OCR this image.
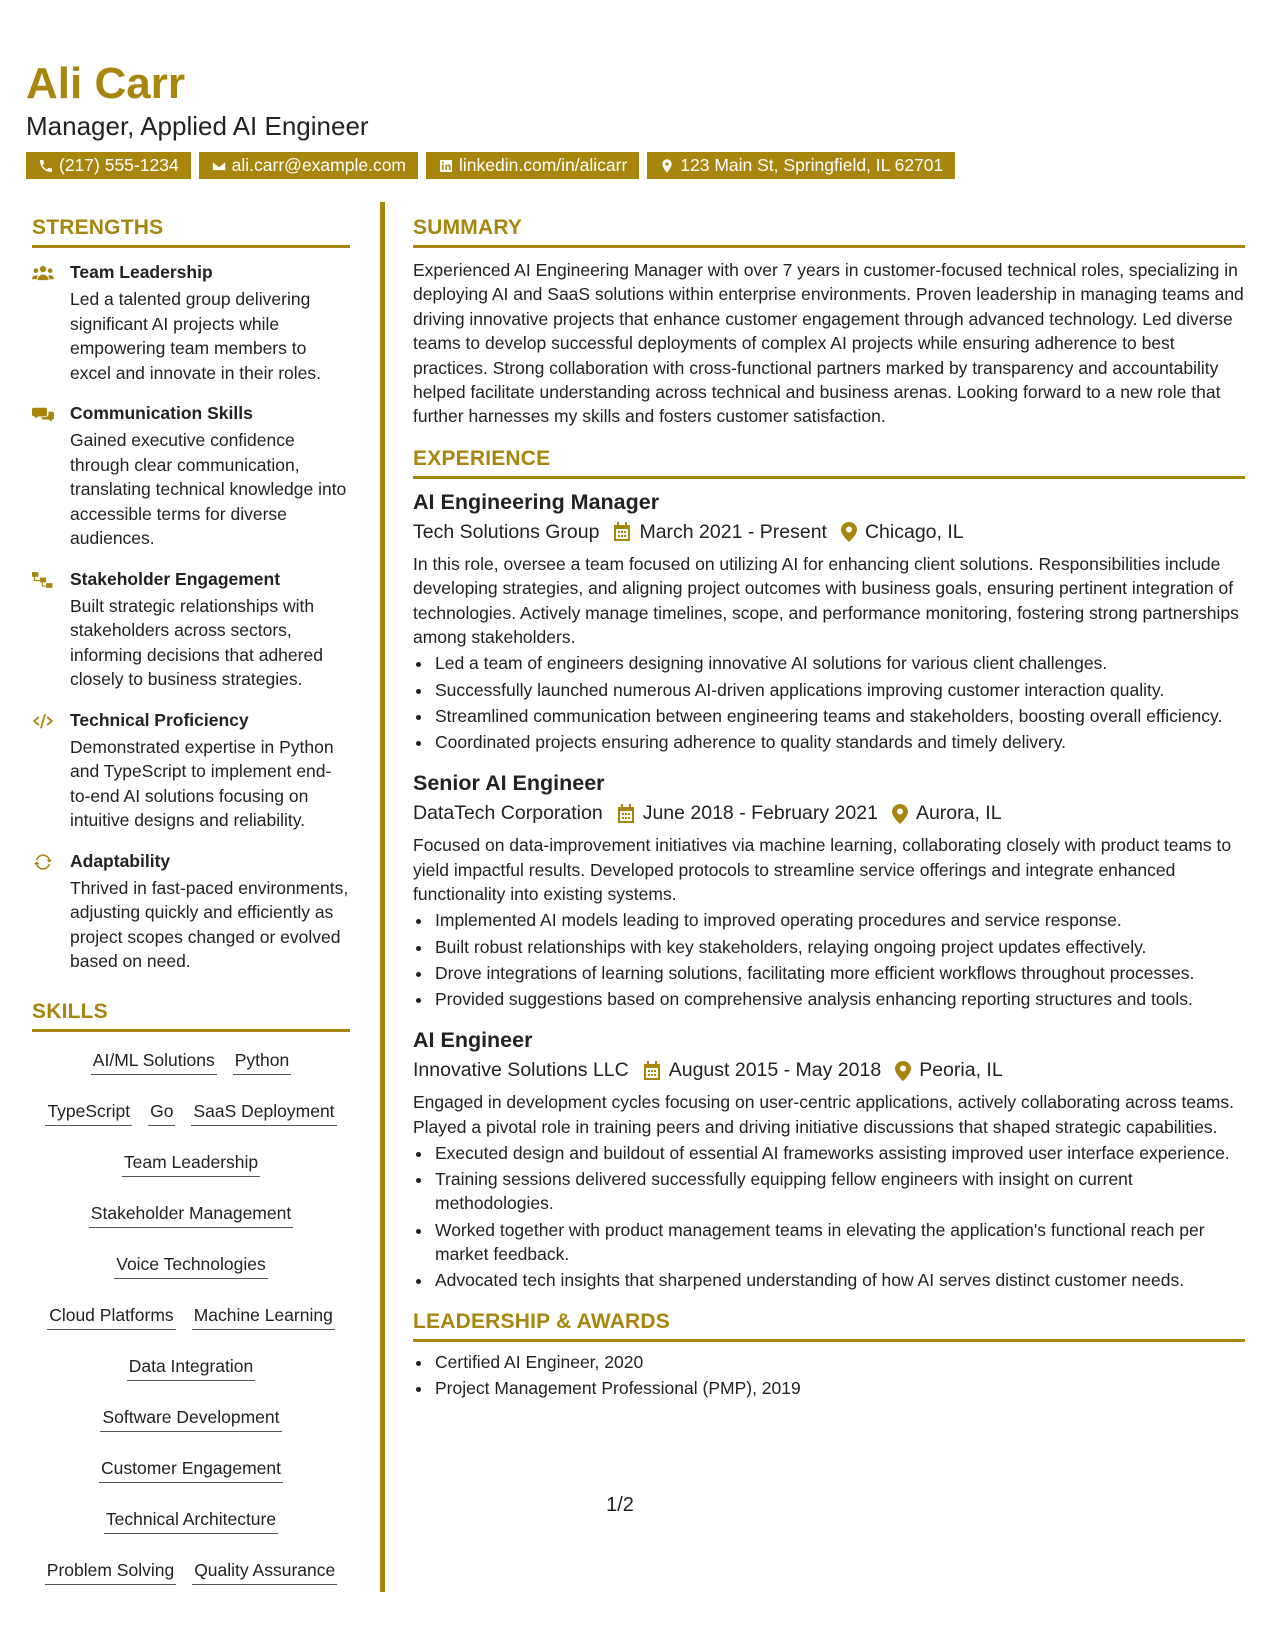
Ali Carr
Manager, Applied AI Engineer
(217) 555-1234	ali.carr@example.com	linkedin.com/in/alicarr	123 Main St, Springfield, IL 62701
STRENGTHS
Team Leadership

Led a talented group delivering significant AI projects while empowering team members to excel and innovate in their roles.

Communication Skills

Gained executive confidence through clear communication, translating technical knowledge into accessible terms for diverse audiences.

Stakeholder Engagement

Built strategic relationships with stakeholders across sectors, informing decisions that adhered closely to business strategies.

Technical Proficiency

Demonstrated expertise in Python and TypeScript to implement end-to-end AI solutions focusing on intuitive designs and reliability.

Adaptability

Thrived in fast-paced environments, adjusting quickly and efficiently as project scopes changed or evolved based on need.

SKILLS
AI/ML Solutions Python
TypeScript Go SaaS Deployment
Team Leadership
Stakeholder Management
Voice Technologies
Cloud Platforms Machine Learning
Data Integration
Software Development
Customer Engagement
Technical Architecture
Problem Solving Quality Assurance
SUMMARY

Experienced AI Engineering Manager with over 7 years in customer-focused technical roles, specializing in deploying AI and SaaS solutions within enterprise environments. Proven leadership in managing teams and driving innovative projects that enhance customer engagement through advanced technology. Led diverse teams to develop successful deployments of complex AI projects while ensuring adherence to best practices. Strong collaboration with cross-functional partners marked by transparency and accountability helped facilitate understanding across technical and business arenas. Looking forward to a new role that further harnesses my skills and fosters customer satisfaction.

EXPERIENCE
AI Engineering Manager
Tech Solutions Group March 2021 - Present Chicago, IL

In this role, oversee a team focused on utilizing AI for enhancing client solutions. Responsibilities include developing strategies, and aligning project outcomes with business goals, ensuring pertinent integration of technologies. Actively manage timelines, scope, and performance monitoring, fostering strong partnerships among stakeholders.

• Led a team of engineers designing innovative AI solutions for various client challenges.
• Successfully launched numerous AI-driven applications improving customer interaction quality.
• Streamlined communication between engineering teams and stakeholders, boosting overall efficiency.
• Coordinated projects ensuring adherence to quality standards and timely delivery.
Senior AI Engineer
DataTech Corporation June 2018 - February 2021 Aurora, IL

Focused on data-improvement initiatives via machine learning, collaborating closely with product teams to yield impactful results. Developed protocols to streamline service offerings and integrate enhanced functionality into existing systems.

• Implemented AI models leading to improved operating procedures and service response.
• Built robust relationships with key stakeholders, relaying ongoing project updates effectively.
• Drove integrations of learning solutions, facilitating more efficient workflows throughout processes.
• Provided suggestions based on comprehensive analysis enhancing reporting structures and tools.
AI Engineer
Innovative Solutions LLC August 2015 - May 2018 Peoria, IL

Engaged in development cycles focusing on user-centric applications, actively collaborating across teams. Played a pivotal role in training peers and driving initiative discussions that shaped strategic capabilities.

• Executed design and buildout of essential AI frameworks assisting improved user interface experience.
• Training sessions delivered successfully equipping fellow engineers with insight on current methodologies.
• Worked together with product management teams in elevating the application's functional reach per market feedback.
• Advocated tech insights that sharpened understanding of how AI serves distinct customer needs.
LEADERSHIP & AWARDS
• Certified AI Engineer, 2020
• Project Management Professional (PMP), 2019
1/2
